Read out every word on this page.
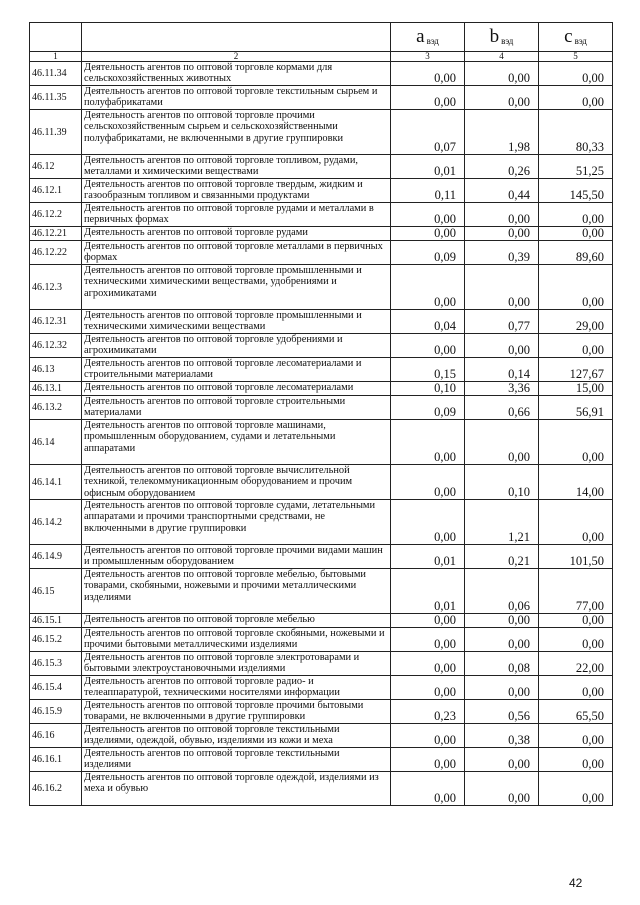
		a $_{вэд}$	b $_{вэд}$	c $_{вэд}$
1	2	3	4	5
46.11.34	Деятельность агентов по оптовой торговле кормами для сельскохозяйственных животных	0,00	0,00	0,00
46.11.35	Деятельность агентов по оптовой торговле текстильным сырьем и полуфабрикатами	0,00	0,00	0,00
46.11.39	Деятельность агентов по оптовой торговле прочими сельскохозяйственным сырьем и сельскохозяйственными полуфабрикатами, не включенными в другие группировки	0,07	1,98	80,33
46.12	Деятельность агентов по оптовой торговле топливом, рудами, металлами и химическими веществами	0,01	0,26	51,25
46.12.1	Деятельность агентов по оптовой торговле твердым, жидким и газообразным топливом и связанными продуктами	0,11	0,44	145,50
46.12.2	Деятельность агентов по оптовой торговле рудами и металлами в первичных формах	0,00	0,00	0,00
46.12.21	Деятельность агентов по оптовой торговле рудами	0,00	0,00	0,00
46.12.22	Деятельность агентов по оптовой торговле металлами в первичных формах	0,09	0,39	89,60
46.12.3	Деятельность агентов по оптовой торговле промышленными и техническими химическими веществами, удобрениями и агрохимикатами	0,00	0,00	0,00
46.12.31	Деятельность агентов по оптовой торговле промышленными и техническими химическими веществами	0,04	0,77	29,00
46.12.32	Деятельность агентов по оптовой торговле удобрениями и агрохимикатами	0,00	0,00	0,00
46.13	Деятельность агентов по оптовой торговле лесоматериалами и строительными материалами	0,15	0,14	127,67
46.13.1	Деятельность агентов по оптовой торговле лесоматериалами	0,10	3,36	15,00
46.13.2	Деятельность агентов по оптовой торговле строительными материалами	0,09	0,66	56,91
46.14	Деятельность агентов по оптовой торговле машинами, промышленным оборудованием, судами и летательными аппаратами	0,00	0,00	0,00
46.14.1	Деятельность агентов по оптовой торговле вычислительной техникой, телекоммуникационным оборудованием и прочим офисным оборудованием	0,00	0,10	14,00
46.14.2	Деятельность агентов по оптовой торговле судами, летательными аппаратами и прочими транспортными средствами, не включенными в другие группировки	0,00	1,21	0,00
46.14.9	Деятельность агентов по оптовой торговле прочими видами машин и промышленным оборудованием	0,01	0,21	101,50
46.15	Деятельность агентов по оптовой торговле мебелью, бытовыми товарами, скобяными, ножевыми и прочими металлическими изделиями	0,01	0,06	77,00
46.15.1	Деятельность агентов по оптовой торговле мебелью	0,00	0,00	0,00
46.15.2	Деятельность агентов по оптовой торговле скобяными, ножевыми и прочими бытовыми металлическими изделиями	0,00	0,00	0,00
46.15.3	Деятельность агентов по оптовой торговле электротоварами и бытовыми электроустановочными изделиями	0,00	0,08	22,00
46.15.4	Деятельность агентов по оптовой торговле радио- и телеаппаратурой, техническими носителями информации	0,00	0,00	0,00
46.15.9	Деятельность агентов по оптовой торговле прочими бытовыми товарами, не включенными в другие группировки	0,23	0,56	65,50
46.16	Деятельность агентов по оптовой торговле текстильными изделиями, одеждой, обувью, изделиями из кожи и меха	0,00	0,38	0,00
46.16.1	Деятельность агентов по оптовой торговле текстильными изделиями	0,00	0,00	0,00
46.16.2	Деятельность агентов по оптовой торговле одеждой, изделиями из меха и обувью	0,00	0,00	0,00
42
